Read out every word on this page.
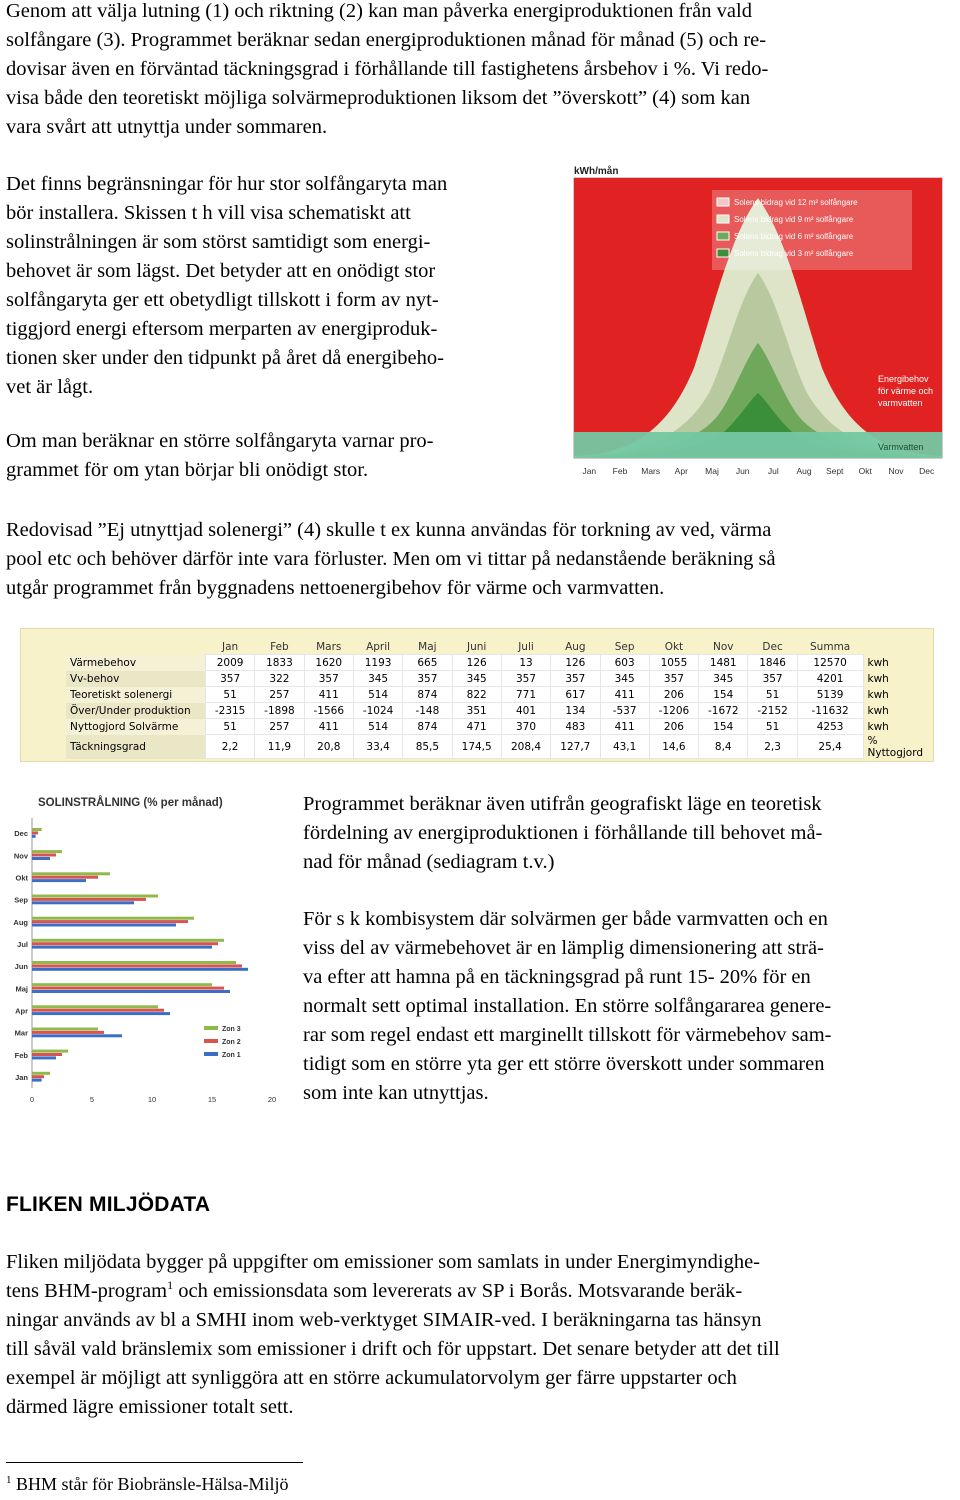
Genom att välja lutning (1) och riktning (2) kan man påverka energiproduktionen från vald
solfångare (3). Programmet beräknar sedan energiproduktionen månad för månad (5) och re-
dovisar även en förväntad täckningsgrad i förhållande till fastighetens årsbehov i %. Vi redo-
visa både den teoretiskt möjliga solvärmeproduktionen liksom det ”överskott” (4) som kan
vara svårt att utnyttja under sommaren.
Det finns begränsningar för hur stor solfångaryta man
bör installera. Skissen t h vill visa schematiskt att
solinstrålningen är som störst samtidigt som energi-
behovet är som lägst. Det betyder att en onödigt stor
solfångaryta ger ett obetydligt tillskott i form av nyt-
tiggjord energi eftersom merparten av energiproduk-
tionen sker under den tidpunkt på året då energibeho-
vet är lågt.
Om man beräknar en större solfångaryta varnar pro-
grammet för om ytan börjar bli onödigt stor.
kWh/mån
Solens bidrag vid 12 m² solfångare
Solens bidrag vid 9 m² solfångare
Solens bidrag vid 6 m² solfångare
Solens bidrag vid 3 m² solfångare
Energibehov
för värme och
varmvatten
Varmvatten
Jan Feb Mars Apr Maj Jun Jul Aug Sept Okt Nov Dec
Redovisad ”Ej utnyttjad solenergi” (4) skulle t ex kunna användas för torkning av ved, värma
pool etc och behöver därför inte vara förluster. Men om vi tittar på nedanstående beräkning så
utgår programmet från byggnadens nettoenergibehov för värme och varmvatten.
	Jan	Feb	Mars	April	Maj	Juni	Juli	Aug	Sep	Okt	Nov	Dec	Summa	
Värmebehov	2009	1833	1620	1193	665	126	13	126	603	1055	1481	1846	12570	kwh
Vv-behov	357	322	357	345	357	345	357	357	345	357	345	357	4201	kwh
Teoretiskt solenergi	51	257	411	514	874	822	771	617	411	206	154	51	5139	kwh
Över/Under produktion	-2315	-1898	-1566	-1024	-148	351	401	134	-537	-1206	-1672	-2152	-11632	kwh
Nyttogjord Solvärme	51	257	411	514	874	471	370	483	411	206	154	51	4253	kwh
Täckningsgrad	2,2	11,9	20,8	33,4	85,5	174,5	208,4	127,7	43,1	14,6	8,4	2,3	25,4	% Nyttogjord
SOLINSTRÅLNING (% per månad)
Dec
Nov
Okt
Sep
Aug
Jul
Jun
Maj
Apr
Mar
Feb
Jan
0	5	10	15	20
Zon 3
Zon 2
Zon 1
Programmet beräknar även utifrån geografiskt läge en teoretisk
fördelning av energiproduktionen i förhållande till behovet må-
nad för månad (sediagram t.v.)
För s k kombisystem där solvärmen ger både varmvatten och en
viss del av värmebehovet är en lämplig dimensionering att strä-
va efter att hamna på en täckningsgrad på runt 15- 20% för en
normalt sett optimal installation. En större solfångararea genere-
rar som regel endast ett marginellt tillskott för värmebehov sam-
tidigt som en större yta ger ett större överskott under sommaren
som inte kan utnyttjas.
FLIKEN MILJÖDATA
Fliken miljödata bygger på uppgifter om emissioner som samlats in under Energimyndighe-
tens BHM-program$^1$ och emissionsdata som levererats av SP i Borås. Motsvarande beräk-
ningar används av bl a SMHI inom web-verktyget SIMAIR-ved. I beräkningarna tas hänsyn
till såväl vald bränslemix som emissioner i drift och för uppstart. Det senare betyder att det till
exempel är möjligt att synliggöra att en större ackumulatorvolym ger färre uppstarter och
därmed lägre emissioner totalt sett.
$^1$ BHM står för Biobränsle-Hälsa-Miljö
